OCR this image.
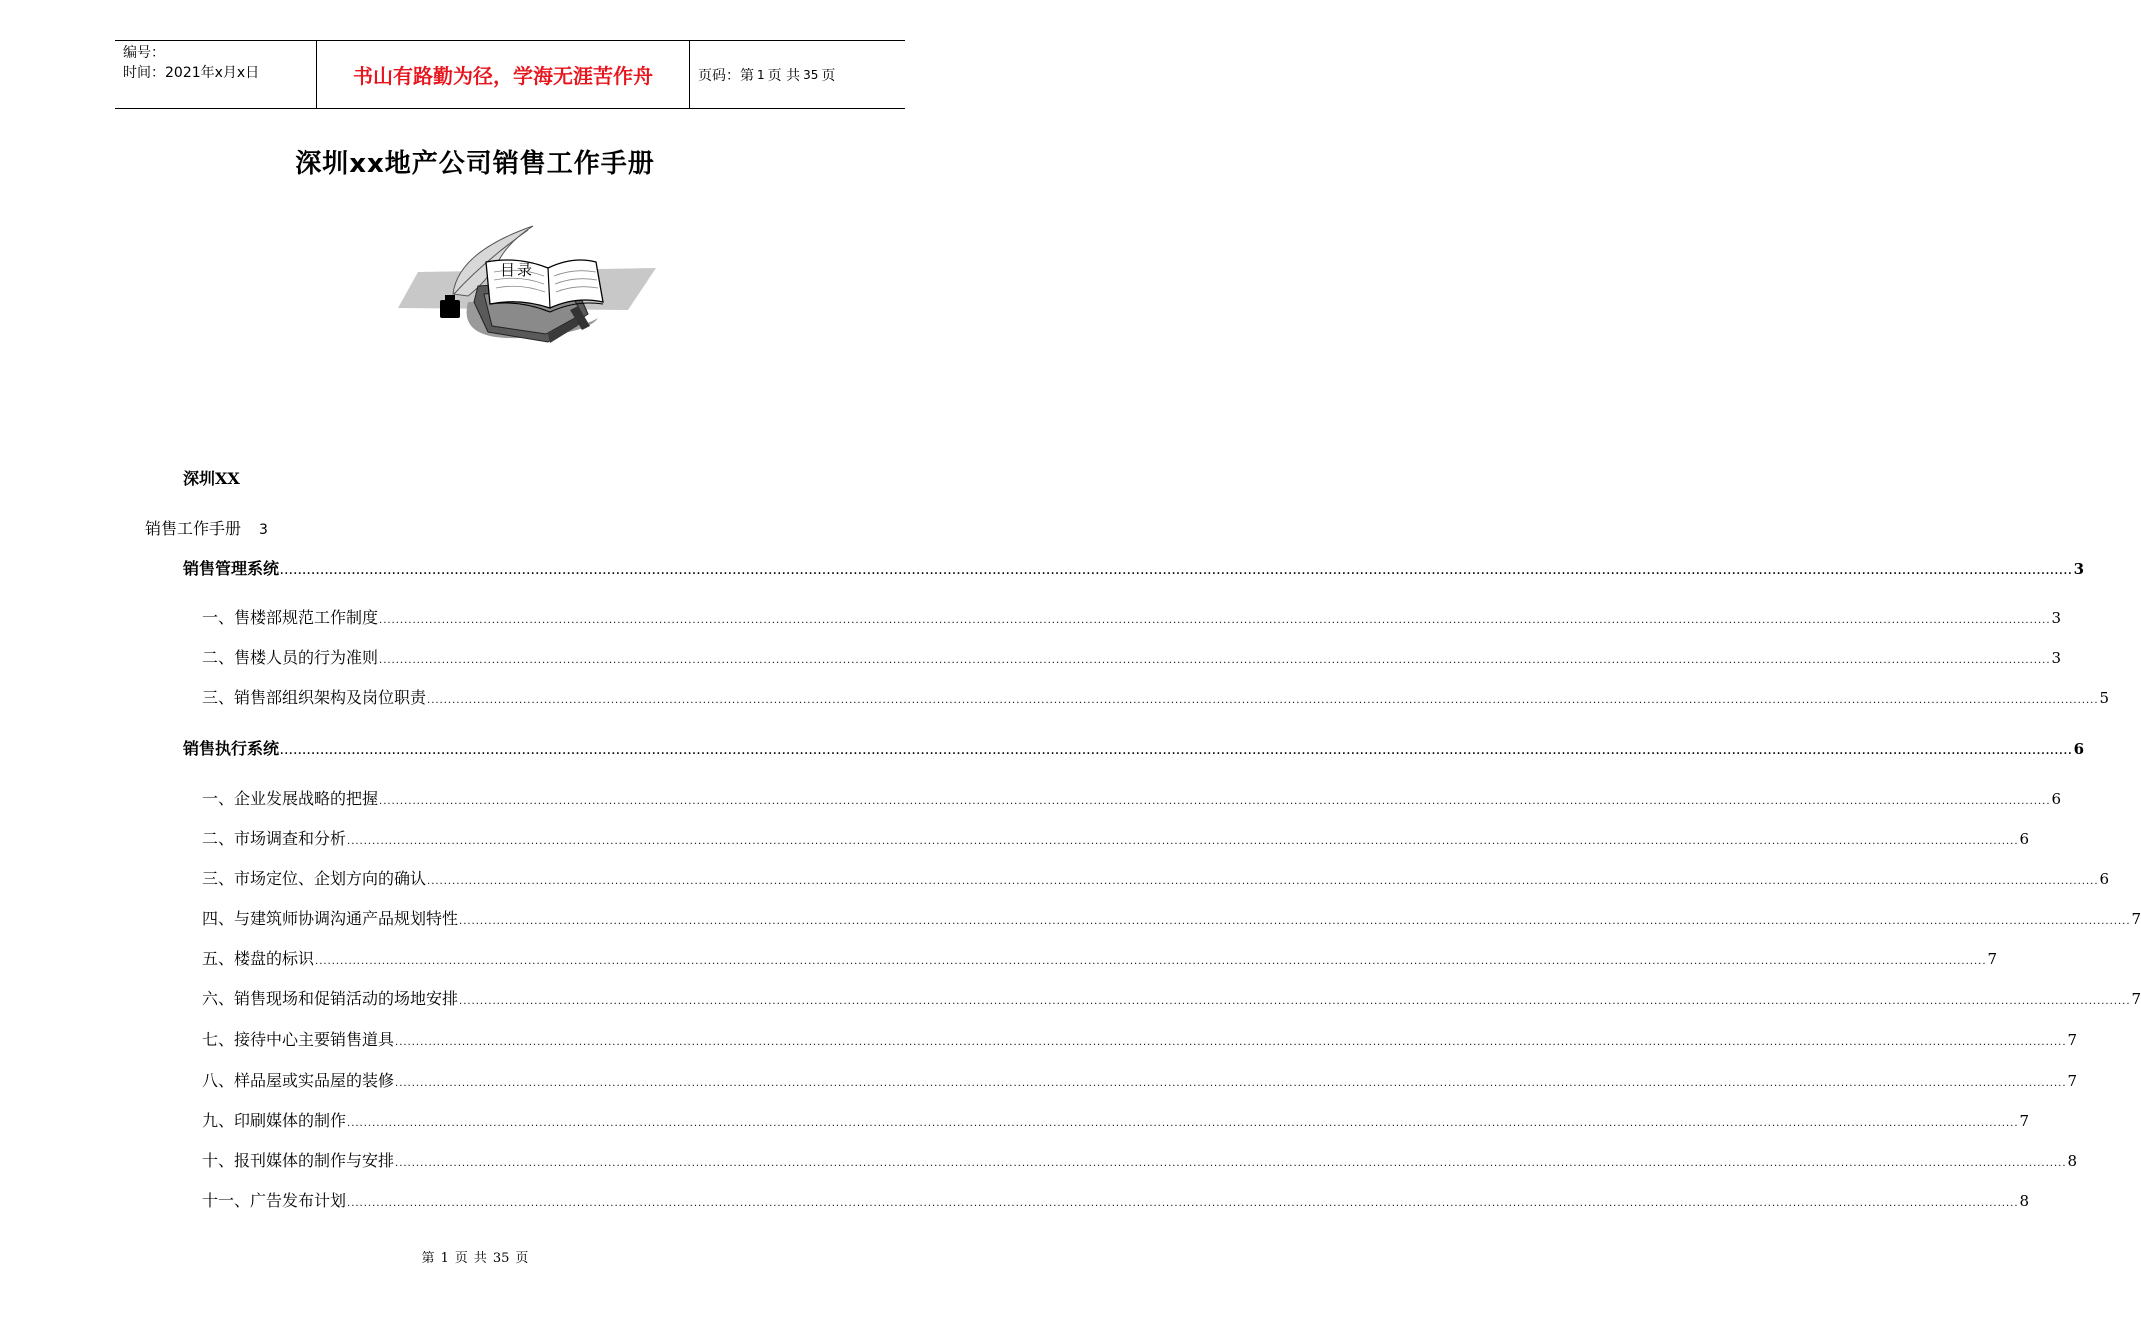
编号：
时间：2021年x月x日	书山有路勤为径，学海无涯苦作舟	页码：第 1 页 共 35 页
深圳xx地产公司销售工作手册
目录
深圳XX
销售工作手册 3
销售管理系统 ................................................................................................................................................................................................................................................................................................................................................................................................................ 3
一、售楼部规范工作制度 ................................................................................................................................................................................................................................................................................................................................................................................................................ 3
二、售楼人员的行为准则 ................................................................................................................................................................................................................................................................................................................................................................................................................ 3
三、销售部组织架构及岗位职责 ................................................................................................................................................................................................................................................................................................................................................................................................................ 5
销售执行系统 ................................................................................................................................................................................................................................................................................................................................................................................................................ 6
一、企业发展战略的把握 ................................................................................................................................................................................................................................................................................................................................................................................................................ 6
二、市场调查和分析 ................................................................................................................................................................................................................................................................................................................................................................................................................ 6
三、市场定位、企划方向的确认 ................................................................................................................................................................................................................................................................................................................................................................................................................ 6
四、与建筑师协调沟通产品规划特性 ................................................................................................................................................................................................................................................................................................................................................................................................................ 7
五、楼盘的标识 ................................................................................................................................................................................................................................................................................................................................................................................................................ 7
六、销售现场和促销活动的场地安排 ................................................................................................................................................................................................................................................................................................................................................................................................................ 7
七、接待中心主要销售道具 ................................................................................................................................................................................................................................................................................................................................................................................................................ 7
八、样品屋或实品屋的装修 ................................................................................................................................................................................................................................................................................................................................................................................................................ 7
九、印刷媒体的制作 ................................................................................................................................................................................................................................................................................................................................................................................................................ 7
十、报刊媒体的制作与安排 ................................................................................................................................................................................................................................................................................................................................................................................................................ 8
十一、广告发布计划 ................................................................................................................................................................................................................................................................................................................................................................................................................ 8
第 1 页 共 35 页
